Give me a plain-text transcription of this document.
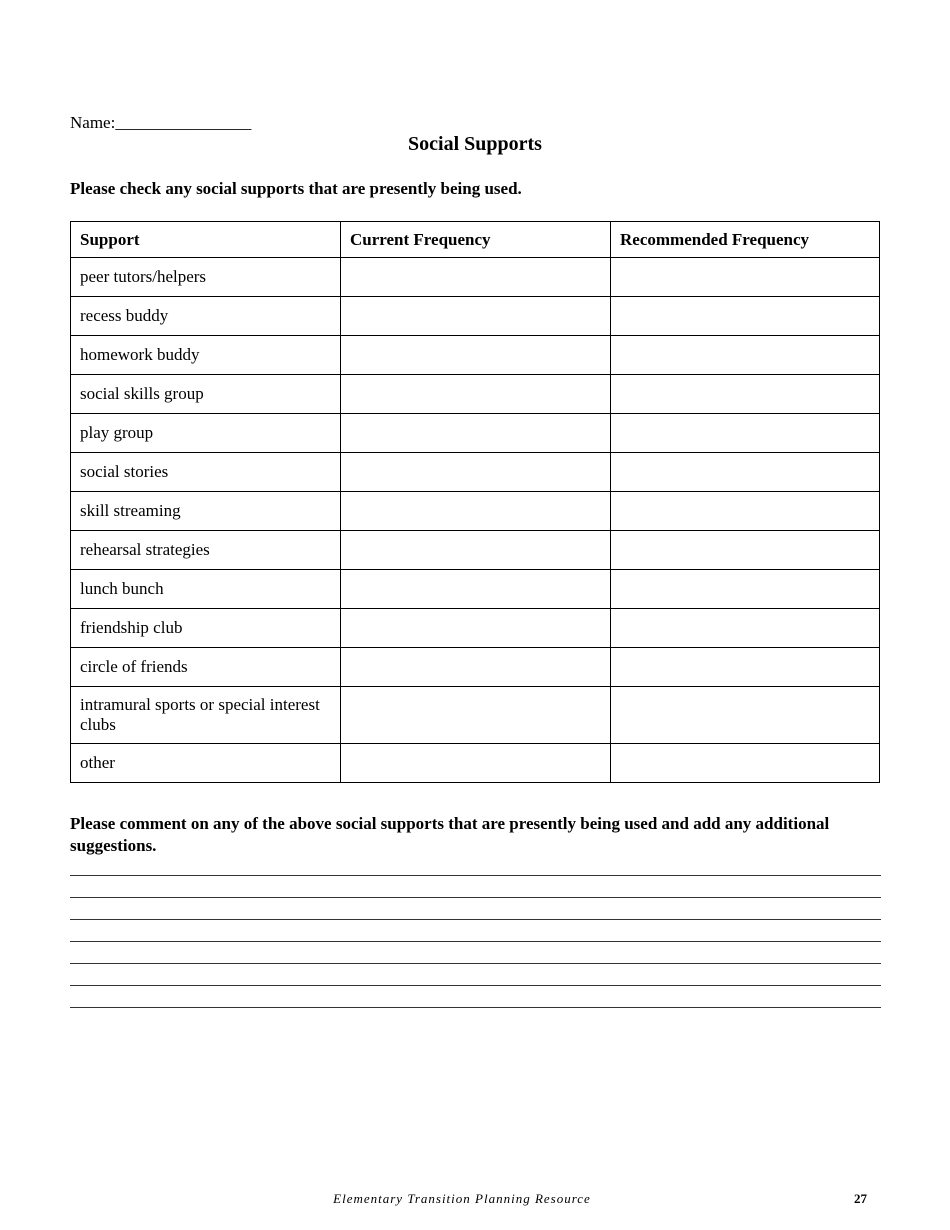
Name:________________
Social Supports
Please check any social supports that are presently being used.
Support	Current Frequency	Recommended Frequency
peer tutors/helpers		
recess buddy		
homework buddy		
social skills group		
play group		
social stories		
skill streaming		
rehearsal strategies		
lunch bunch		
friendship club		
circle of friends		
intramural sports or special interest clubs		
other		
Please comment on any of the above social supports that are presently being used and add any additional suggestions.
Elementary Transition Planning Resource	27
